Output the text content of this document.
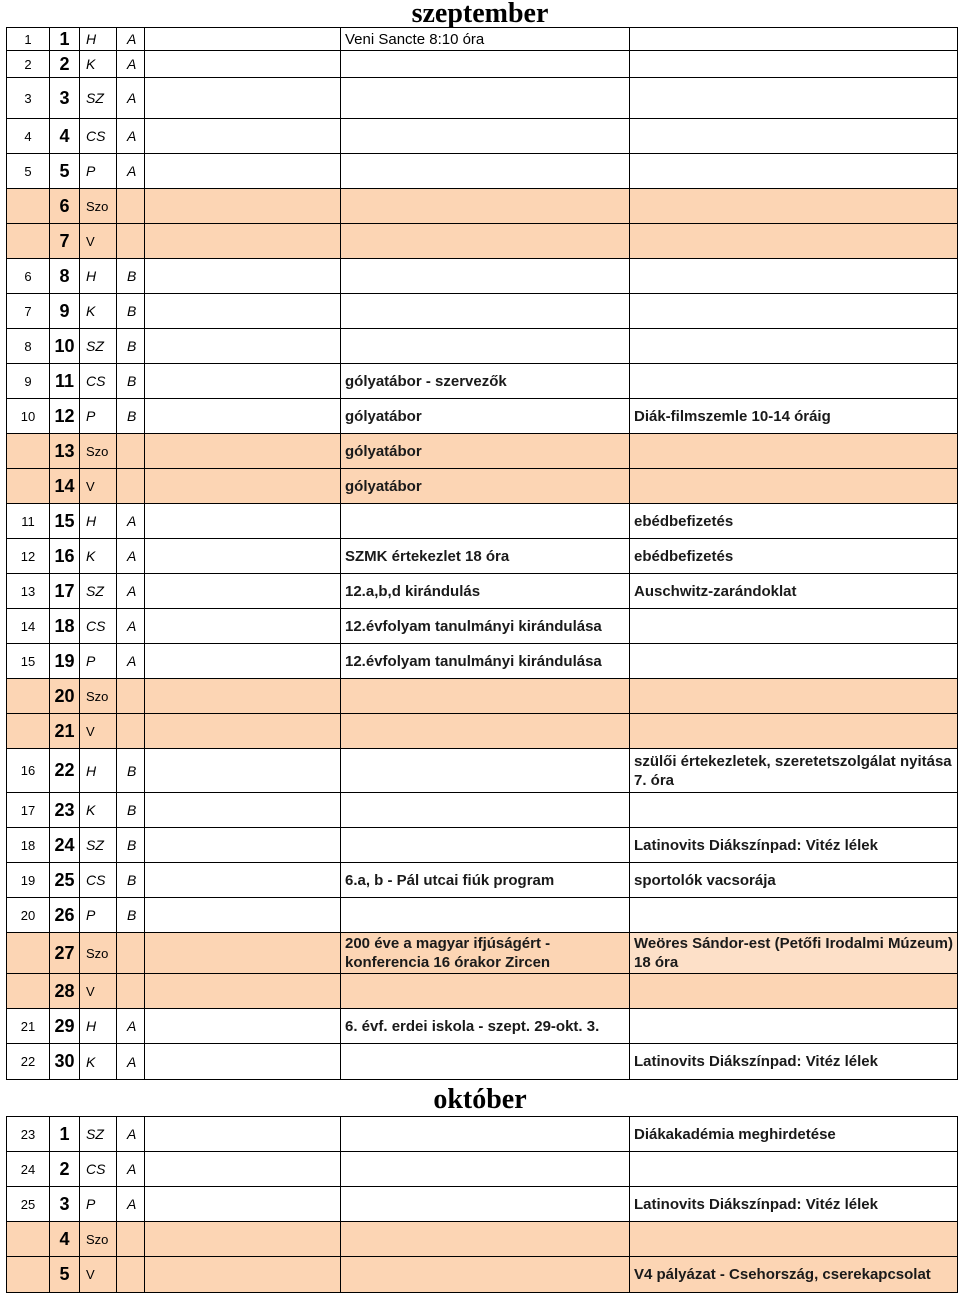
szeptember
1	1	H	A		Veni Sancte 8:10 óra	
2	2	K	A			
3	3	SZ	A			
4	4	CS	A			
5	5	P	A			
	6	Szo				
	7	V				
6	8	H	B			
7	9	K	B			
8	10	SZ	B			
9	11	CS	B		gólyatábor - szervezők	
10	12	P	B		gólyatábor	Diák-filmszemle 10-14 óráig
	13	Szo			gólyatábor	
	14	V			gólyatábor	
11	15	H	A			ebédbefizetés
12	16	K	A		SZMK értekezlet 18 óra	ebédbefizetés
13	17	SZ	A		12.a,b,d kirándulás	Auschwitz-zarándoklat
14	18	CS	A		12.évfolyam tanulmányi kirándulása	
15	19	P	A		12.évfolyam tanulmányi kirándulása	
	20	Szo				
	21	V				
16	22	H	B			szülői értekezletek, szeretetszolgálat nyitása 7. óra
17	23	K	B			
18	24	SZ	B			Latinovits Diákszínpad: Vitéz lélek
19	25	CS	B		6.a, b - Pál utcai fiúk program	sportolók vacsorája
20	26	P	B			
	27	Szo			200 éve a magyar ifjúságért - konferencia 16 órakor Zircen	Weöres Sándor-est (Petőfi Irodalmi Múzeum) 18 óra
	28	V				
21	29	H	A		6. évf. erdei iskola - szept. 29-okt. 3.	
22	30	K	A			Latinovits Diákszínpad: Vitéz lélek
október
23	1	SZ	A			Diákakadémia meghirdetése
24	2	CS	A			
25	3	P	A			Latinovits Diákszínpad: Vitéz lélek
	4	Szo				
	5	V				V4 pályázat - Csehország, cserekapcsolat
